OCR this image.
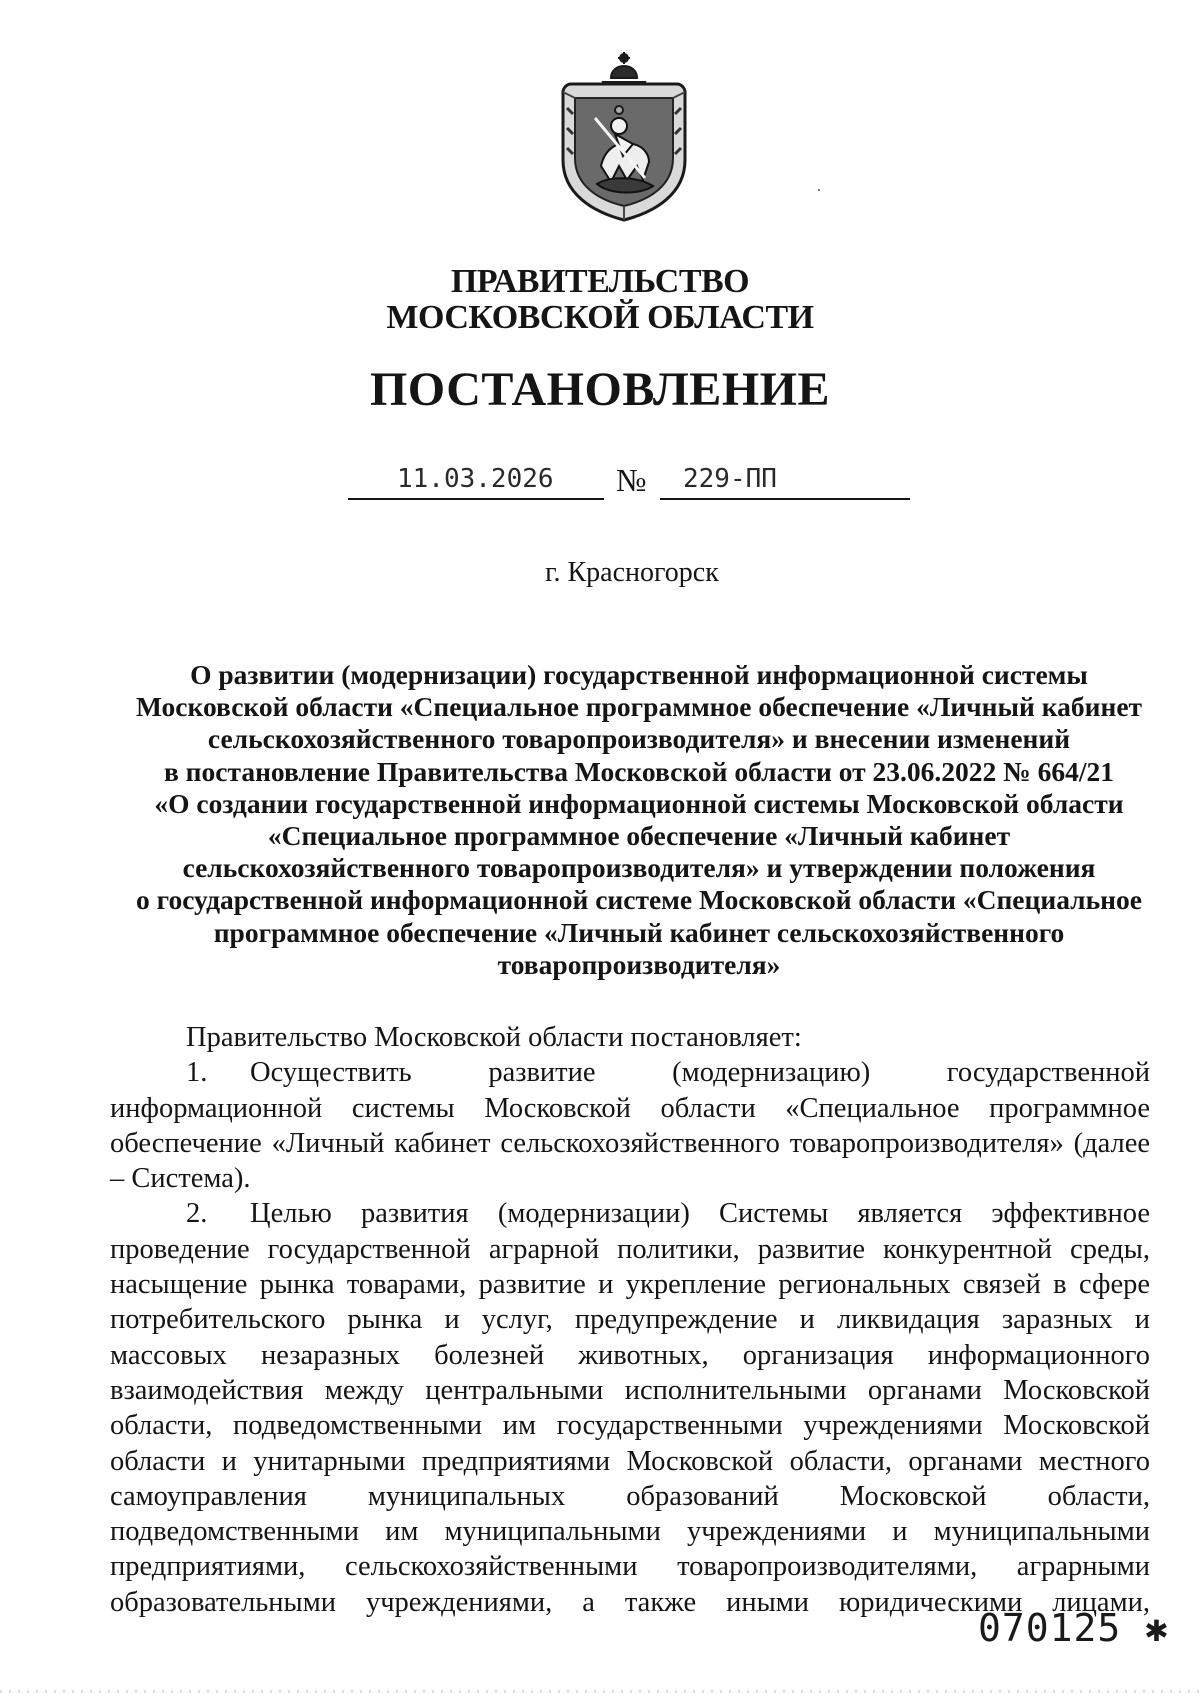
ПРАВИТЕЛЬСТВО
МОСКОВСКОЙ ОБЛАСТИ
ПОСТАНОВЛЕНИЕ
11.03.2026 № 229-ПП
г. Красногорск
О развитии (модернизации) государственной информационной системы
Московской области «Специальное программное обеспечение «Личный кабинет
сельскохозяйственного товаропроизводителя» и внесении изменений
в постановление Правительства Московской области от 23.06.2022 № 664/21
«О создании государственной информационной системы Московской области
«Специальное программное обеспечение «Личный кабинет
сельскохозяйственного товаропроизводителя» и утверждении положения
о государственной информационной системе Московской области «Специальное
программное обеспечение «Личный кабинет сельскохозяйственного
товаропроизводителя»

Правительство Московской области постановляет:

1. Осуществить развитие (модернизацию) государственной информационной системы Московской области «Специальное программное обеспечение «Личный кабинет сельскохозяйственного товаропроизводителя» (далее – Система).

2. Целью развития (модернизации) Системы является эффективное проведение государственной аграрной политики, развитие конкурентной среды, насыщение рынка товарами, развитие и укрепление региональных связей в сфере потребительского рынка и услуг, предупреждение и ликвидация заразных и массовых незаразных болезней животных, организация информационного взаимодействия между центральными исполнительными органами Московской области, подведомственными им государственными учреждениями Московской области и унитарными предприятиями Московской области, органами местного самоуправления муниципальных образований Московской области, подведомственными им муниципальными учреждениями и муниципальными предприятиями, сельскохозяйственными товаропроизводителями, аграрными образовательными учреждениями, а также иными юридическими лицами,

070125 ✱
